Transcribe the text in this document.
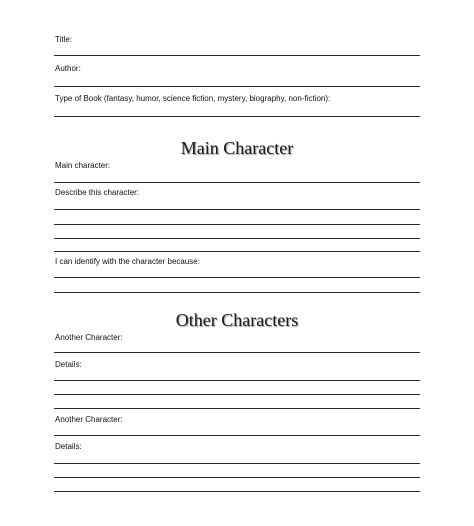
Title:
Author:
Type of Book (fantasy, humor, science fiction, mystery, biography, non-fiction):
Main Character
Main character:
Describe this character:
I can identify with the character because:
Other Characters
Another Character:
Details:
Another Character:
Details:
